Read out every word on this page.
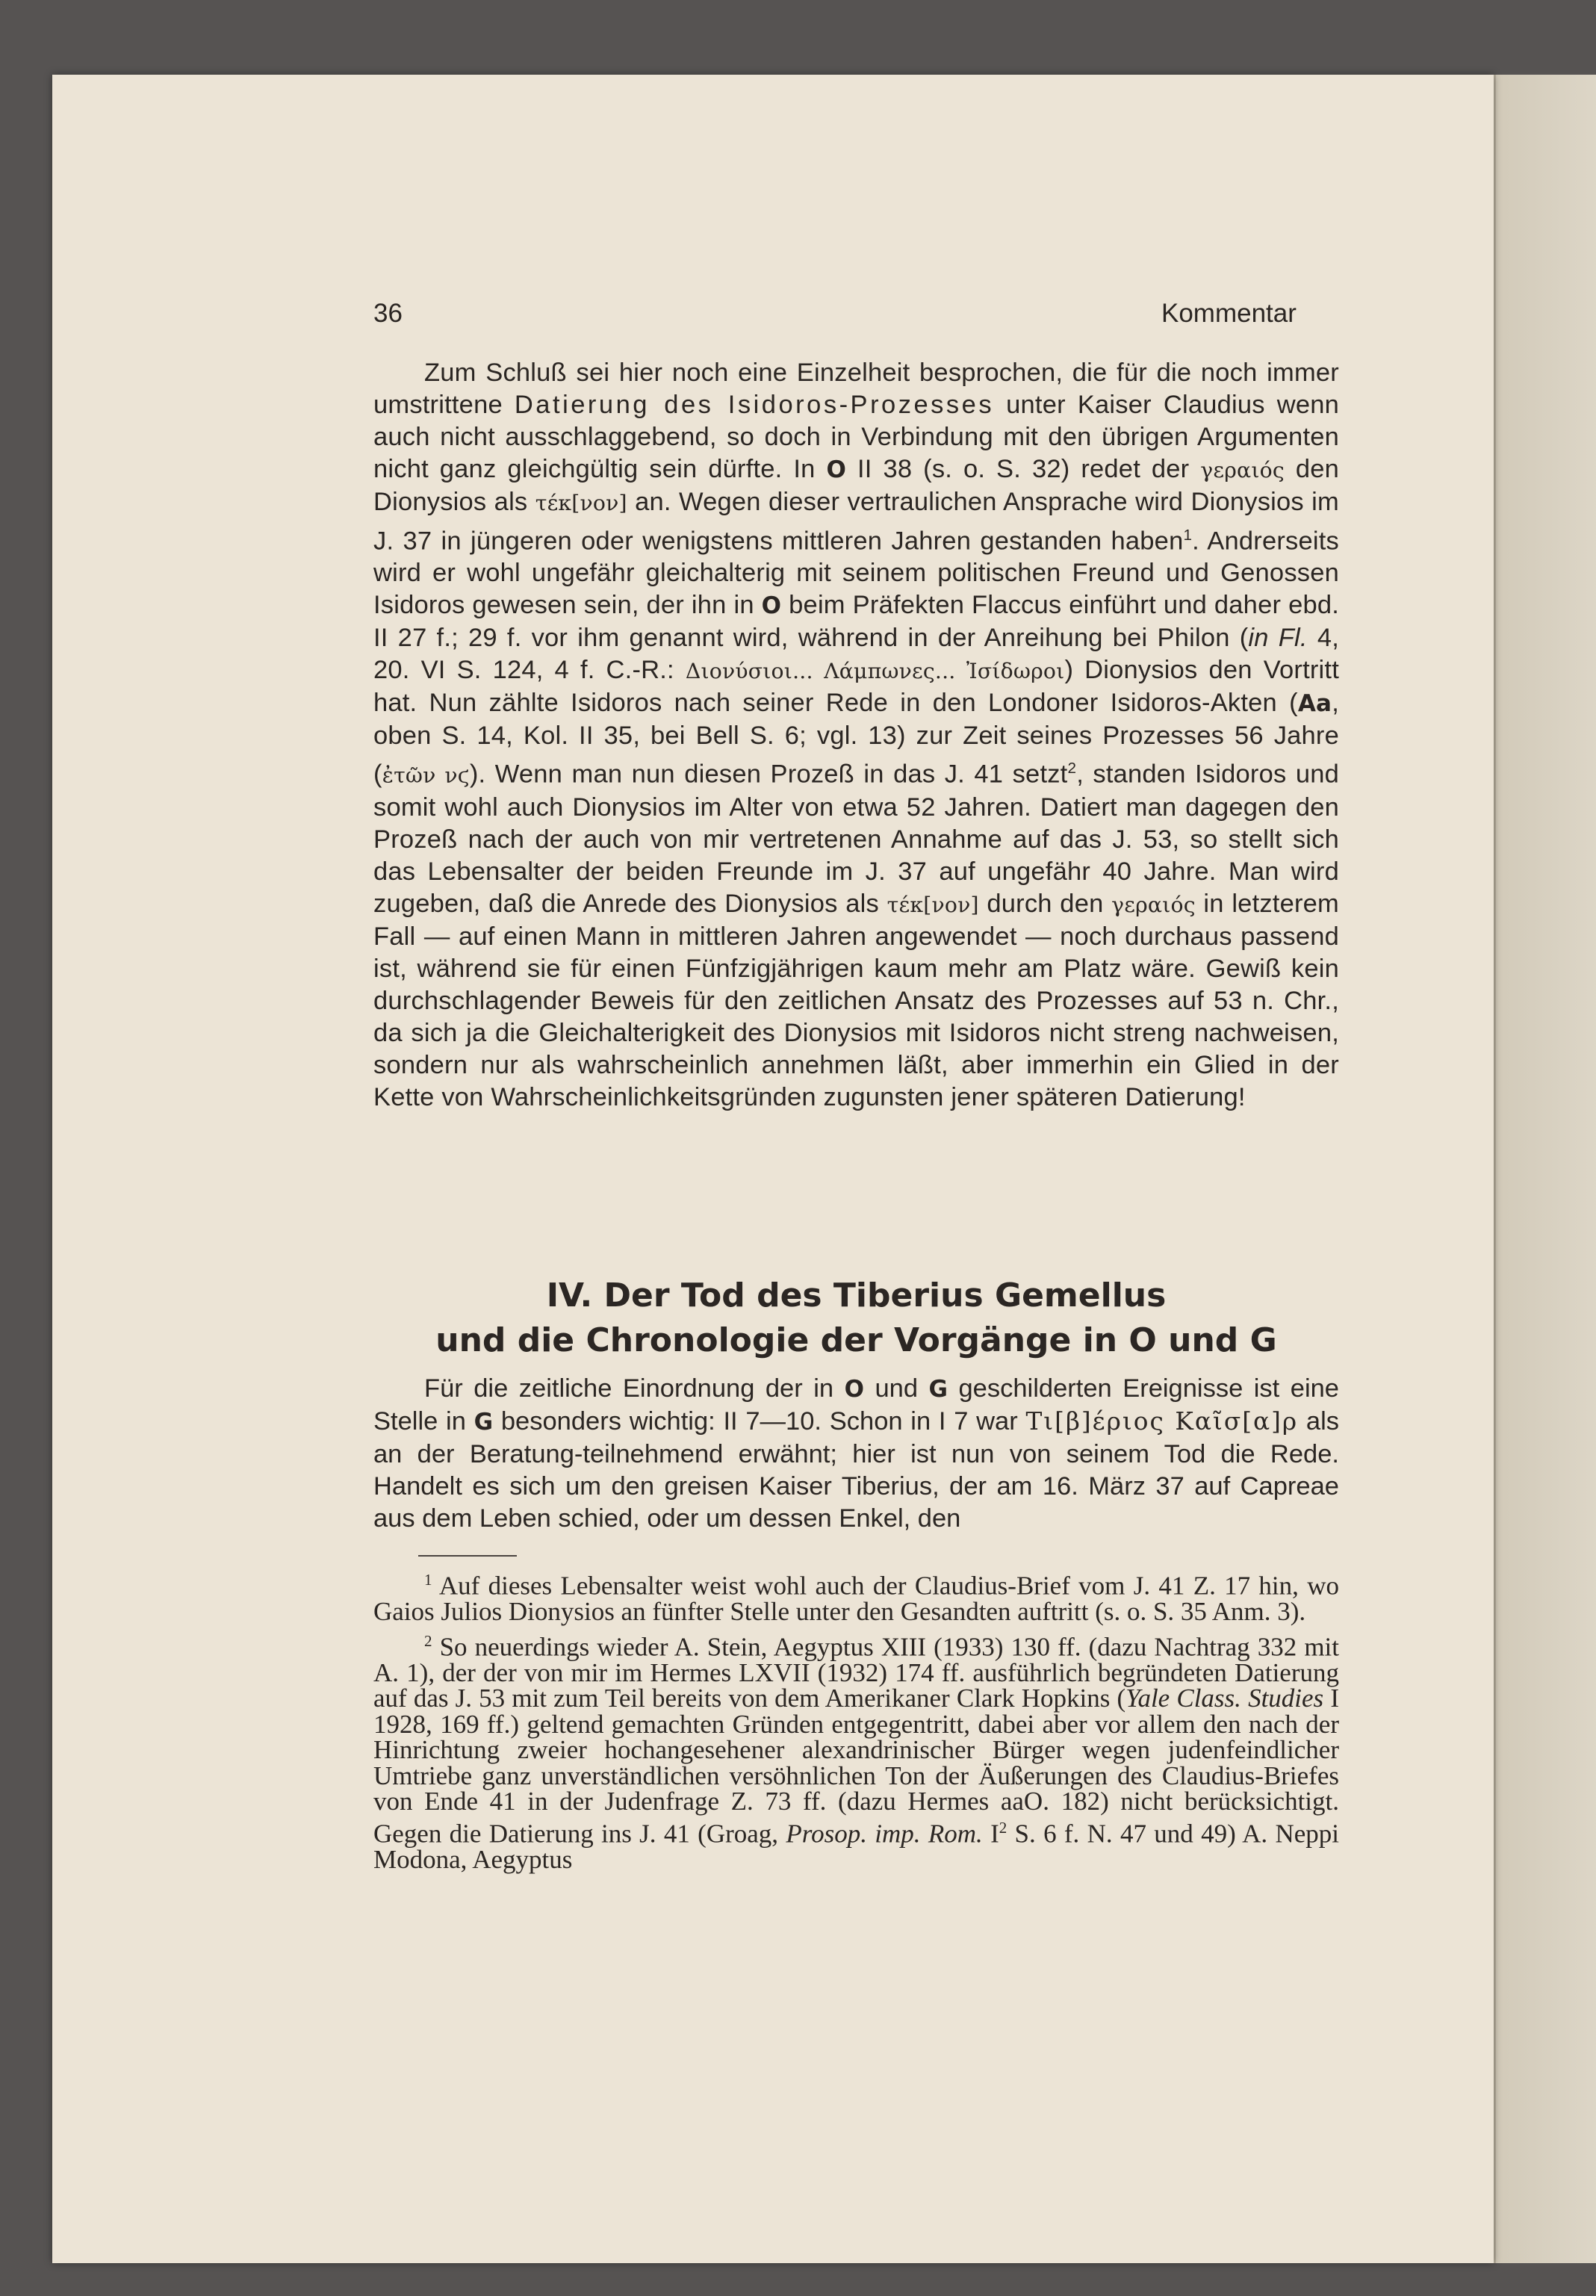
36	Kommentar

Zum Schluß sei hier noch eine Einzelheit besprochen, die für die noch immer umstrittene Datierung des Isidoros-Prozesses unter Kaiser Claudius wenn auch nicht ausschlaggebend, so doch in Verbindung mit den übrigen Argumenten nicht ganz gleichgültig sein dürfte. In O II 38 (s. o. S. 32) redet der γεραιός den Dionysios als τέκ[νον] an. Wegen dieser vertraulichen Ansprache wird Dionysios im J. 37 in jüngeren oder wenigstens mittleren Jahren gestanden haben$^1$. Andrerseits wird er wohl ungefähr gleichalterig mit seinem politischen Freund und Genossen Isidoros gewesen sein, der ihn in O beim Präfekten Flaccus einführt und daher ebd. II 27 f.; 29 f. vor ihm genannt wird, während in der Anreihung bei Philon (in Fl. 4, 20. VI S. 124, 4 f. C.-R.: Διονύσιοι... Λάμπωνες... Ἰσίδωροι) Dionysios den Vortritt hat. Nun zählte Isidoros nach seiner Rede in den Londoner Isidoros-Akten (Aa, oben S. 14, Kol. II 35, bei Bell S. 6; vgl. 13) zur Zeit seines Prozesses 56 Jahre (ἐτῶν νϛ). Wenn man nun diesen Prozeß in das J. 41 setzt$^2$, standen Isidoros und somit wohl auch Dionysios im Alter von etwa 52 Jahren. Datiert man dagegen den Prozeß nach der auch von mir vertretenen Annahme auf das J. 53, so stellt sich das Lebensalter der beiden Freunde im J. 37 auf ungefähr 40 Jahre. Man wird zugeben, daß die Anrede des Dionysios als τέκ[νον] durch den γεραιός in letzterem Fall — auf einen Mann in mittleren Jahren angewendet — noch durchaus passend ist, während sie für einen Fünfzigjährigen kaum mehr am Platz wäre. Gewiß kein durchschlagender Beweis für den zeitlichen Ansatz des Prozesses auf 53 n. Chr., da sich ja die Gleichalterigkeit des Dionysios mit Isidoros nicht streng nachweisen, sondern nur als wahrscheinlich annehmen läßt, aber immerhin ein Glied in der Kette von Wahrscheinlichkeitsgründen zugunsten jener späteren Datierung!

IV. Der Tod des Tiberius Gemellus
und die Chronologie der Vorgänge in O und G
Für die zeitliche Einordnung der in O und G geschilderten Ereignisse ist eine Stelle in G besonders wichtig: II 7—10. Schon in I 7 war Τι[β]έριος Καῖσ[α]ρ als an der Beratung-teilnehmend erwähnt; hier ist nun von seinem Tod die Rede. Handelt es sich um den greisen Kaiser Tiberius, der am 16. März 37 auf Capreae aus dem Leben schied, oder um dessen Enkel, den

$^1$ Auf dieses Lebensalter weist wohl auch der Claudius-Brief vom J. 41 Z. 17 hin, wo Gaios Julios Dionysios an fünfter Stelle unter den Gesandten auftritt (s. o. S. 35 Anm. 3).

$^2$ So neuerdings wieder A. Stein, Aegyptus XIII (1933) 130 ff. (dazu Nachtrag 332 mit A. 1), der der von mir im Hermes LXVII (1932) 174 ff. ausführlich begründeten Datierung auf das J. 53 mit zum Teil bereits von dem Amerikaner Clark Hopkins (Yale Class. Studies I 1928, 169 ff.) geltend gemachten Gründen entgegentritt, dabei aber vor allem den nach der Hinrichtung zweier hochangesehener alexandrinischer Bürger wegen judenfeindlicher Umtriebe ganz unverständlichen versöhnlichen Ton der Äußerungen des Claudius-Briefes von Ende 41 in der Judenfrage Z. 73 ff. (dazu Hermes aaO. 182) nicht berücksichtigt. Gegen die Datierung ins J. 41 (Groag, Prosop. imp. Rom. $I^2$ S. 6 f. N. 47 und 49) A. Neppi Modona, Aegyptus
